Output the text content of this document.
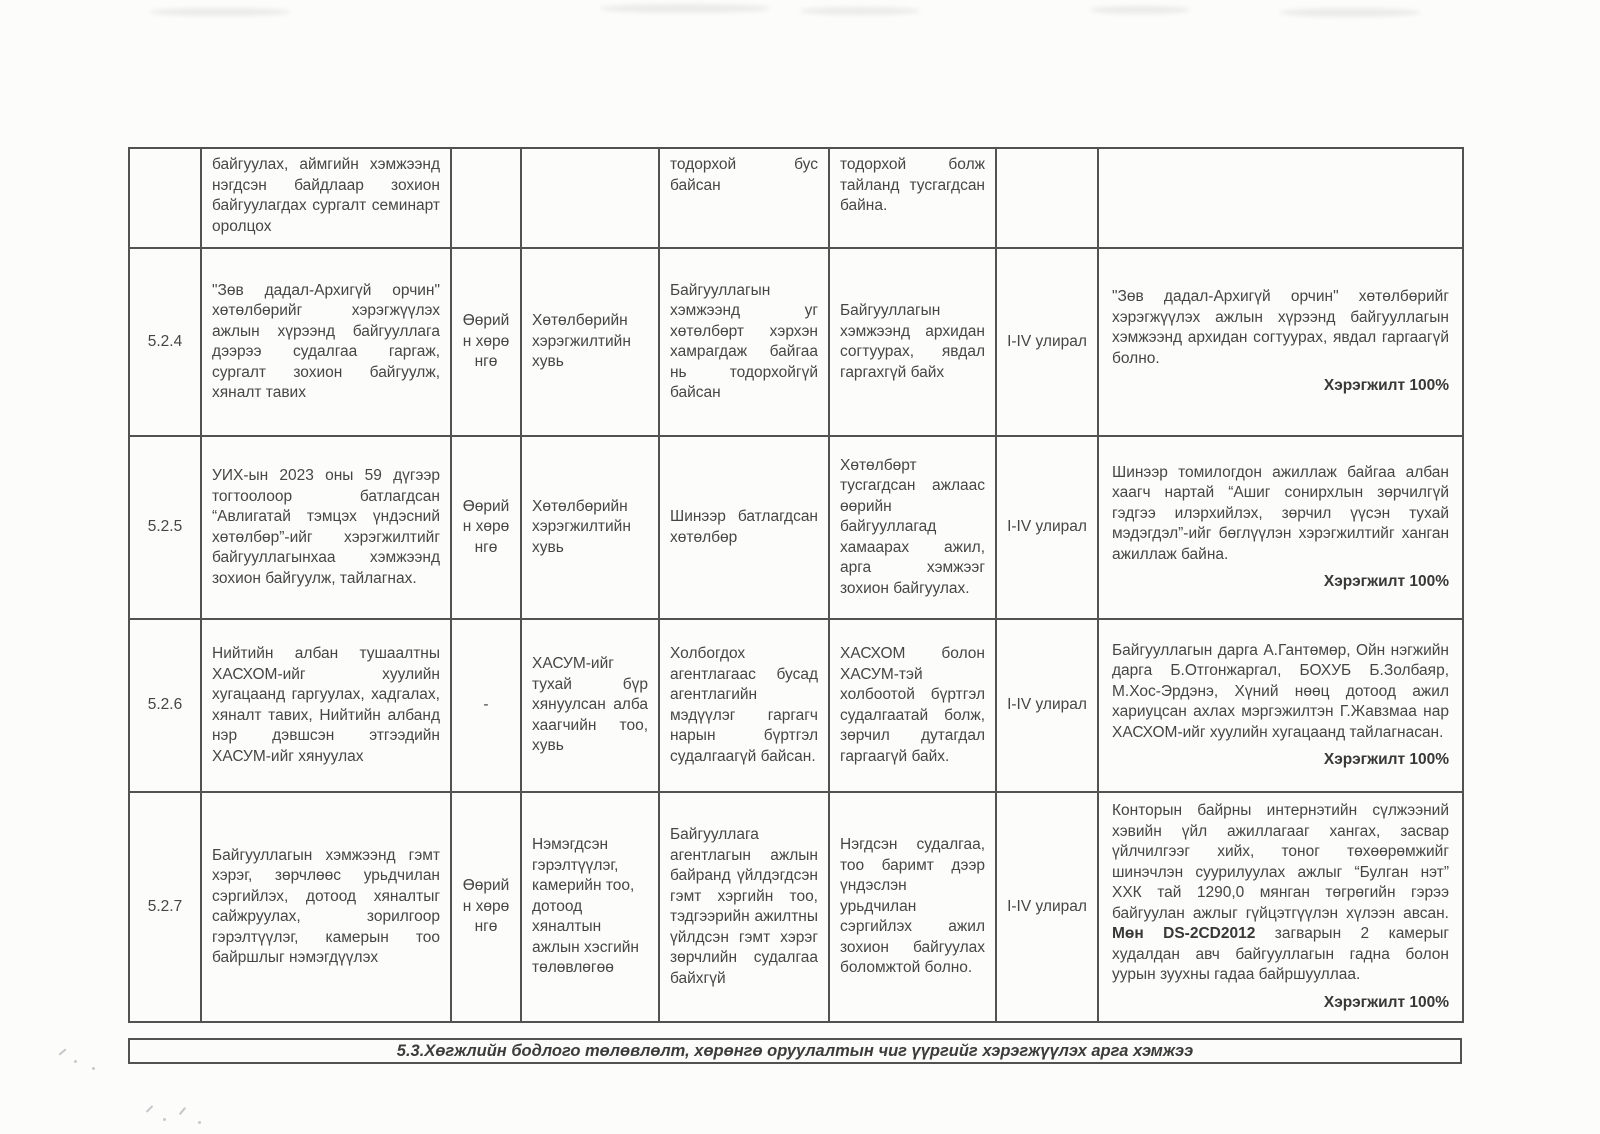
	байгуулах, аймгийн хэмжээнд нэгдсэн байдлаар зохион байгуулагдах сургалт семинарт оролцох			тодорхой бус байсан	тодорхой болж тайланд тусгагдсан байна.		

5.2.4	"Зөв дадал-Архигүй орчин" хөтөлбөрийг хэрэгжүүлэх ажлын хүрээнд байгууллага дээрээ судалгаа гаргаж, сургалт зохион байгуулж, хяналт тавих	Өөрийн хөрөнгө	Хөтөлбөрийн хэрэгжилтийн хувь	Байгууллагын хэмжээнд уг хөтөлбөрт хэрхэн хамрагдаж байгаа нь тодорхойгүй байсан	Байгууллагын хэмжээнд архидан согтуурах, явдал гаргахгүй байх	I-IV улирал	"Зөв дадал-Архигүй орчин" хөтөлбөрийг хэрэгжүүлэх ажлын хүрээнд байгууллагын хэмжээнд архидан согтуурах, явдал гаргаагүй болно.
Хэрэгжилт 100%

5.2.5	УИХ-ын 2023 оны 59 дүгээр тогтоолоор батлагдсан “Авлигатай тэмцэх үндэсний хөтөлбөр”-ийг хэрэгжилтийг байгууллагынхаа хэмжээнд зохион байгуулж, тайлагнах.	Өөрийн хөрөнгө	Хөтөлбөрийн хэрэгжилтийн хувь	Шинээр батлагдсан хөтөлбөр	Хөтөлбөрт тусгагдсан ажлаас өөрийн байгууллагад хамаарах ажил, арга хэмжээг зохион байгуулах.	I-IV улирал	Шинээр томилогдон ажиллаж байгаа албан хаагч нартай “Ашиг сонирхлын зөрчилгүй гэдгээ илэрхийлэх, зөрчил үүсэн тухай мэдэгдэл”-ийг бөглүүлэн хэрэгжилтийг ханган ажиллаж байна.
Хэрэгжилт 100%

5.2.6	Нийтийн албан тушаалтны ХАСХОМ-ийг хуулийн хугацаанд гаргуулах, хадгалах, хяналт тавих, Нийтийн албанд нэр дэвшсэн этгээдийн ХАСУМ-ийг хянуулах	-	ХАСУМ-ийг тухай бүр хянуулсан алба хаагчийн тоо, хувь	Холбогдох агентлагаас бусад агентлагийн мэдүүлэг гаргагч нарын бүртгэл судалгаагүй байсан.	ХАСХОМ болон ХАСУМ-тэй холбоотой бүртгэл судалгаатай болж, зөрчил дутагдал гаргаагүй байх.	I-IV улирал	Байгууллагын дарга А.Гантөмөр, Ойн нэгжийн дарга Б.Отгонжаргал, БОХУБ Б.Золбаяр, М.Хос-Эрдэнэ, Хүний нөөц дотоод ажил хариуцсан ахлах мэргэжилтэн Г.Жавзмаа нар ХАСХОМ-ийг хуулийн хугацаанд тайлагнасан.
Хэрэгжилт 100%

5.2.7	Байгууллагын хэмжээнд гэмт хэрэг, зөрчлөөс урьдчилан сэргийлэх, дотоод хяналтыг сайжруулах, зорилгоор гэрэлтүүлэг, камерын тоо байршлыг нэмэгдүүлэх	Өөрийн хөрөнгө	Нэмэгдсэн гэрэлтүүлэг, камерийн тоо, дотоод хяналтын ажлын хэсгийн төлөвлөгөө	Байгууллага агентлагын ажлын байранд үйлдэгдсэн гэмт хэргийн тоо, тэдгээрийн ажилтны үйлдсэн гэмт хэрэг зөрчлийн судалгаа байхгүй	Нэгдсэн судалгаа, тоо баримт дээр үндэслэн урьдчилан сэргийлэх ажил зохион байгуулах боломжтой болно.	I-IV улирал	Конторын байрны интернэтийн сүлжээний хэвийн үйл ажиллагааг хангах, засвар үйлчилгээг хийх, тоног төхөөрөмжийг шинэчлэн суурилуулах ажлыг “Булган нэт” ХХК тай 1290,0 мянган төгрөгийн гэрээ байгуулан ажлыг гүйцэтгүүлэн хүлээн авсан. Мөн DS-2CD2012 загварын 2 камерыг худалдан авч байгууллагын гадна болон уурын зуухны гадаа байршууллаа.
Хэрэгжилт 100%
5.3.Хөгжлийн бодлого төлөвлөлт, хөрөнгө оруулалтын чиг үүргийг хэрэгжүүлэх арга хэмжээ
